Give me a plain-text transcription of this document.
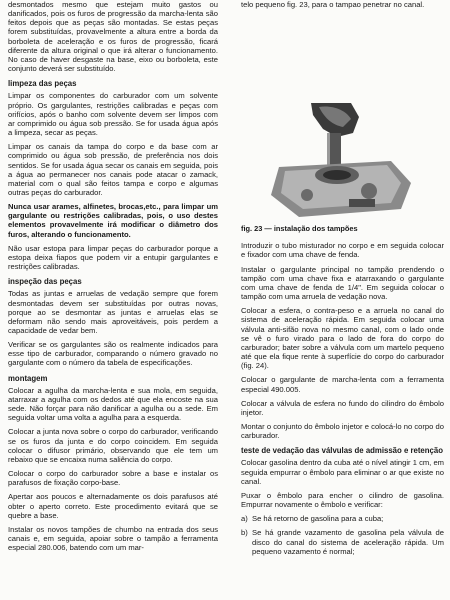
desmontados mesmo que estejam muito gastos ou danificados, pois os furos de progressão da marcha-lenta são feitos depois que as peças são montadas. Se estas peças forem substituídas, provavelmente a altura entre a borda da borboleta de aceleração e os furos de progressão, ficará diferente da altura original o que irá alterar o funcionamento. No caso de haver desgaste na base, eixo ou borboleta, este conjunto deverá ser substituído.

limpeza das peças

Limpar os componentes do carburador com um solvente próprio. Os gargulantes, restrições calibradas e peças com orifícios, após o banho com solvente devem ser limpos com ar comprimido ou água sob pressão. Se for usada água após a limpeza, secar as peças.

Limpar os canais da tampa do corpo e da base com ar comprimido ou água sob pressão, de preferência nos dois sentidos. Se for usada água secar os canais em seguida, pois a água ao permanecer nos canais pode atacar o zamack, material com o qual são feitos tampa e corpo e algumas outras peças do carburador.

Nunca usar arames, alfinetes, brocas,etc., para limpar um gargulante ou restrições calibradas, pois, o uso destes elementos provavelmente irá modificar o diâmetro dos furos, alterando o funcionamento.

Não usar estopa para limpar peças do carburador porque a estopa deixa fiapos que podem vir a entupir gargulantes e restrições calibradas.

inspeção das peças

Todas as juntas e arruelas de vedação sempre que forem desmontadas devem ser substituídas por outras novas, porque ao se desmontar as juntas e arruelas elas se deformam não sendo mais aproveitáveis, pois perdem a capacidade de vedar bem.

Verificar se os gargulantes são os realmente indicados para esse tipo de carburador, comparando o número gravado no gargulante com o número da tabela de especificações.

montagem

Colocar a agulha da marcha-lenta e sua mola, em seguida, atarraxar a agulha com os dedos até que ela encoste na sua sede. Não forçar para não danificar a agulha ou a sede. Em seguida voltar uma volta a agulha para a esquerda.

Colocar a junta nova sobre o corpo do carburador, verificando se os furos da junta e do corpo coincidem. Em seguida colocar o difusor primário, observando que ele tem um rebaixo que se encaixa numa saliência do corpo.

Colocar o corpo do carburador sobre a base e instalar os parafusos de fixação corpo-base.

Apertar aos poucos e alternadamente os dois parafusos até obter o aperto correto. Este procedimento evitará que se quebre a base.

Instalar os novos tampões de chumbo na entrada dos seus canais e, em seguida, apoiar sobre o tampão a ferramenta especial 280.006, batendo com um mar-

telo pequeno fig. 23, para o tampao penetrar no canal.

fig. 23 — instalação dos tampões

Introduzir o tubo misturador no corpo e em seguida colocar e fixador com uma chave de fenda.

Instalar o gargulante principal no tampão prendendo o tampão com uma chave fixa e atarraxando o gargulante com uma chave de fenda de 1/4". Em seguida colocar o tampão com uma arruela de vedação nova.

Colocar a esfera, o contra-peso e a arruela no canal do sistema de aceleração rápida. Em seguida colocar uma válvula anti-sifão nova no mesmo canal, com o lado onde se vê o furo virado para o lado de fora do corpo do carburador; bater sobre a válvula com um martelo pequeno até que ela fique rente à superfície do corpo do carburador (fig. 24).

Colocar o gargulante de marcha-lenta com a ferramenta especial 490.005.

Colocar a válvula de esfera no fundo do cilindro do êmbolo injetor.

Montar o conjunto do êmbolo injetor e colocá-lo no corpo do carburador.

teste de vedação das válvulas de admissão e retenção

Colocar gasolina dentro da cuba até o nível atingir 1 cm, em seguida empurrar o êmbolo para eliminar o ar que existe no canal.

Puxar o êmbolo para encher o cilindro de gasolina. Empurrar novamente o êmbolo e verificar:

a) Se há retorno de gasolina para a cuba;
b) Se há grande vazamento de gasolina pela válvula de disco do canal do sistema de aceleração rápida. Um pequeno vazamento é normal;
